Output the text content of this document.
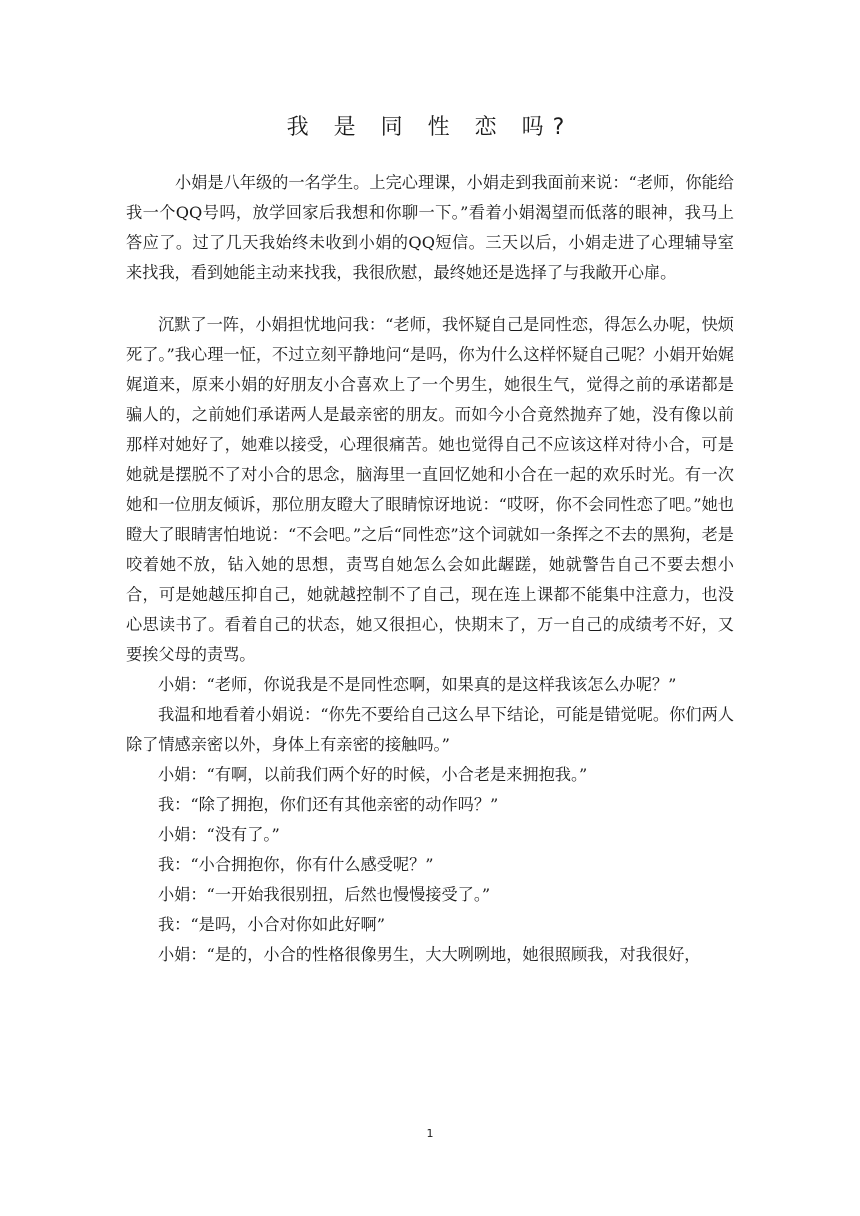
我 是 同 性 恋 吗?

小娟是八年级的一名学生。上完心理课，小娟走到我面前来说：“老师，你能给我一个QQ号吗，放学回家后我想和你聊一下。”看着小娟渴望而低落的眼神，我马上答应了。过了几天我始终未收到小娟的QQ短信。三天以后，小娟走进了心理辅导室来找我，看到她能主动来找我，我很欣慰，最终她还是选择了与我敞开心扉。

沉默了一阵，小娟担忧地问我：“老师，我怀疑自己是同性恋，得怎么办呢，快烦死了。”我心理一怔，不过立刻平静地问“是吗，你为什么这样怀疑自己呢？小娟开始娓娓道来，原来小娟的好朋友小合喜欢上了一个男生，她很生气，觉得之前的承诺都是骗人的，之前她们承诺两人是最亲密的朋友。而如今小合竟然抛弃了她，没有像以前那样对她好了，她难以接受，心理很痛苦。她也觉得自己不应该这样对待小合，可是她就是摆脱不了对小合的思念，脑海里一直回忆她和小合在一起的欢乐时光。有一次她和一位朋友倾诉，那位朋友瞪大了眼睛惊讶地说：“哎呀，你不会同性恋了吧。”她也瞪大了眼睛害怕地说：“不会吧。”之后“同性恋”这个词就如一条挥之不去的黑狗，老是咬着她不放，钻入她的思想，责骂自她怎么会如此龌蹉，她就警告自己不要去想小合，可是她越压抑自己，她就越控制不了自己，现在连上课都不能集中注意力，也没心思读书了。看着自己的状态，她又很担心，快期末了，万一自己的成绩考不好，又要挨父母的责骂。

小娟：“老师，你说我是不是同性恋啊，如果真的是这样我该怎么办呢？”

我温和地看着小娟说：“你先不要给自己这么早下结论，可能是错觉呢。你们两人除了情感亲密以外，身体上有亲密的接触吗。”

小娟：“有啊，以前我们两个好的时候，小合老是来拥抱我。”

我：“除了拥抱，你们还有其他亲密的动作吗？”

小娟：“没有了。”

我：“小合拥抱你，你有什么感受呢？”

小娟：“一开始我很别扭，后然也慢慢接受了。”

我：“是吗，小合对你如此好啊”

小娟：“是的，小合的性格很像男生，大大咧咧地，她很照顾我，对我很好，

1
